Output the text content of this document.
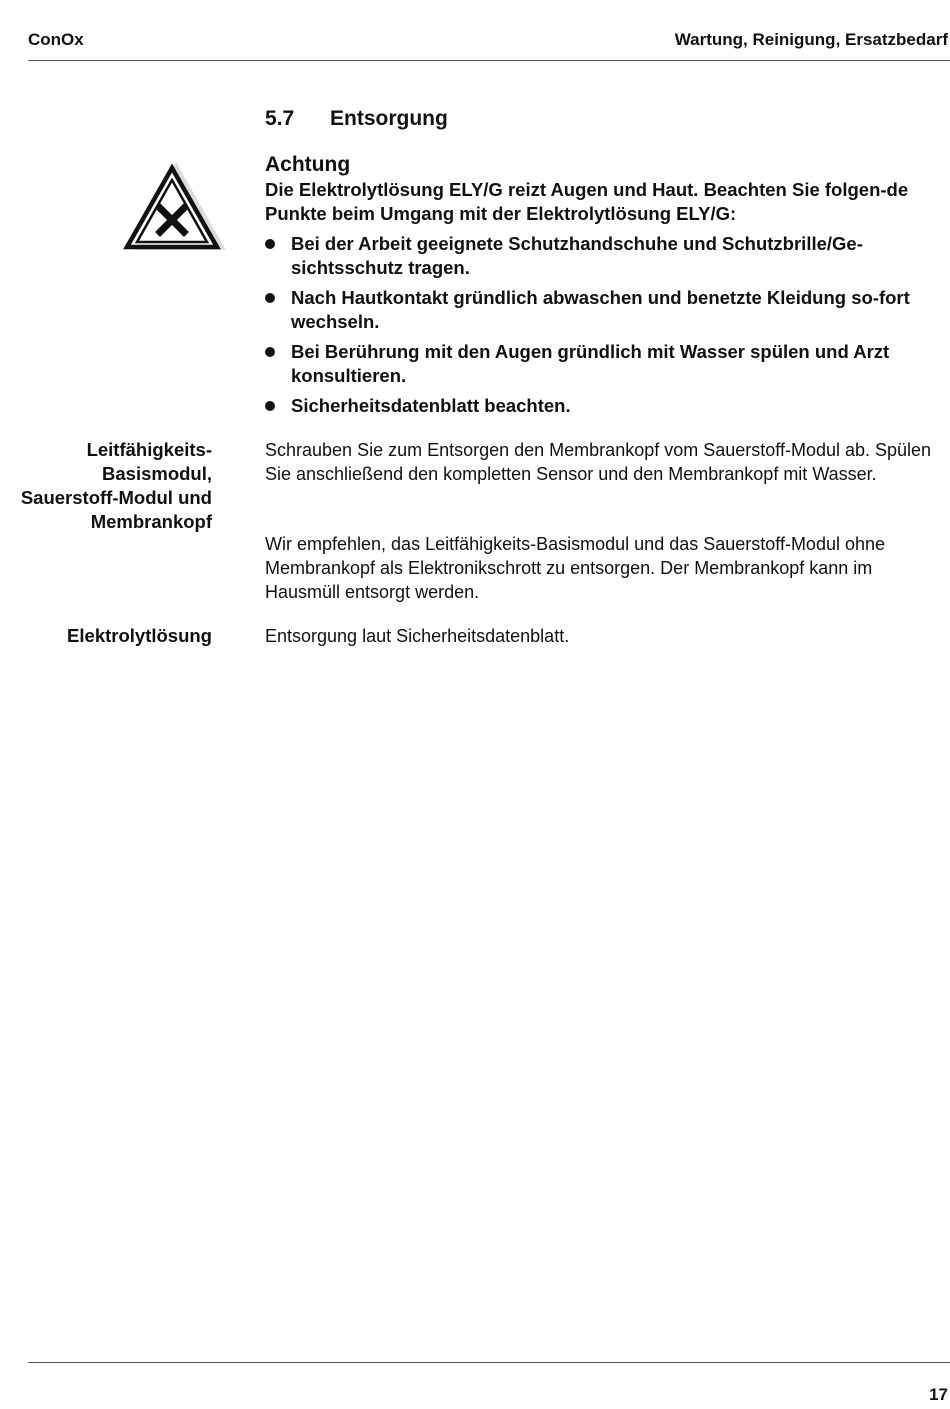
ConOx	Wartung, Reinigung, Ersatzbedarf
5.7 Entsorgung
Achtung
Die Elektrolytlösung ELY/G reizt Augen und Haut. Beachten Sie folgen-de Punkte beim Umgang mit der Elektrolytlösung ELY/G:
Bei der Arbeit geeignete Schutzhandschuhe und Schutzbrille/Ge-sichtsschutz tragen.
Nach Hautkontakt gründlich abwaschen und benetzte Kleidung so-fort wechseln.
Bei Berührung mit den Augen gründlich mit Wasser spülen und Arzt konsultieren.
Sicherheitsdatenblatt beachten.
Leitfähigkeits-Basismodul, Sauerstoff-Modul und Membrankopf
Schrauben Sie zum Entsorgen den Membrankopf vom Sauerstoff-Modul ab. Spülen Sie anschließend den kompletten Sensor und den Membrankopf mit Wasser.
Wir empfehlen, das Leitfähigkeits-Basismodul und das Sauerstoff-Modul ohne Membrankopf als Elektronikschrott zu entsorgen. Der Membrankopf kann im Hausmüll entsorgt werden.
Elektrolytlösung	Entsorgung laut Sicherheitsdatenblatt.
17
